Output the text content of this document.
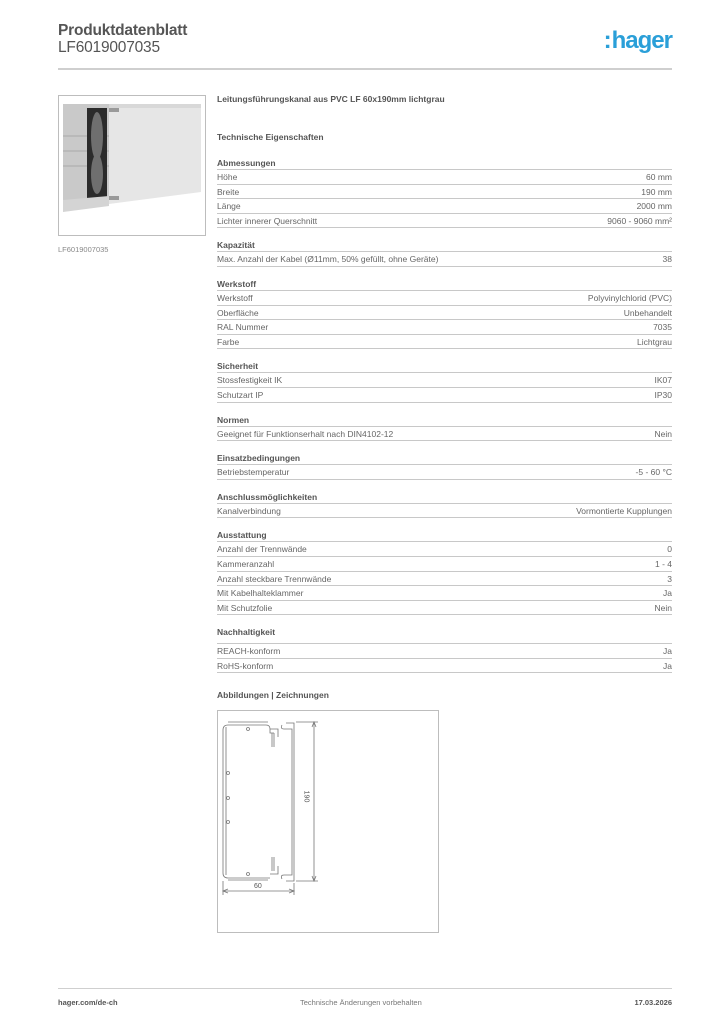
Produktdatenblatt
LF6019007035	:hager
LF6019007035
Leitungsführungskanal aus PVC LF 60x190mm lichtgrau
Technische Eigenschaften
Abmessungen
Höhe	60 mm
Breite	190 mm
Länge	2000 mm
Lichter innerer Querschnitt	9060 - 9060 mm²
Kapazität
Max. Anzahl der Kabel (Ø11mm, 50% gefüllt, ohne Geräte)	38
Werkstoff
Werkstoff	Polyvinylchlorid (PVC)
Oberfläche	Unbehandelt
RAL Nummer	7035
Farbe	Lichtgrau
Sicherheit
Stossfestigkeit IK	IK07
Schutzart IP	IP30
Normen
Geeignet für Funktionserhalt nach DIN4102-12	Nein
Einsatzbedingungen
Betriebstemperatur	-5 - 60 °C
Anschlussmöglichkeiten
Kanalverbindung	Vormontierte Kupplungen
Ausstattung
Anzahl der Trennwände	0
Kammeranzahl	1 - 4
Anzahl steckbare Trennwände	3
Mit Kabelhalteklammer	Ja
Mit Schutzfolie	Nein
Nachhaltigkeit
REACH-konform	Ja
RoHS-konform	Ja
Abbildungen | Zeichnungen
190
60
hager.com/de-ch	Technische Änderungen vorbehalten	17.03.2026
